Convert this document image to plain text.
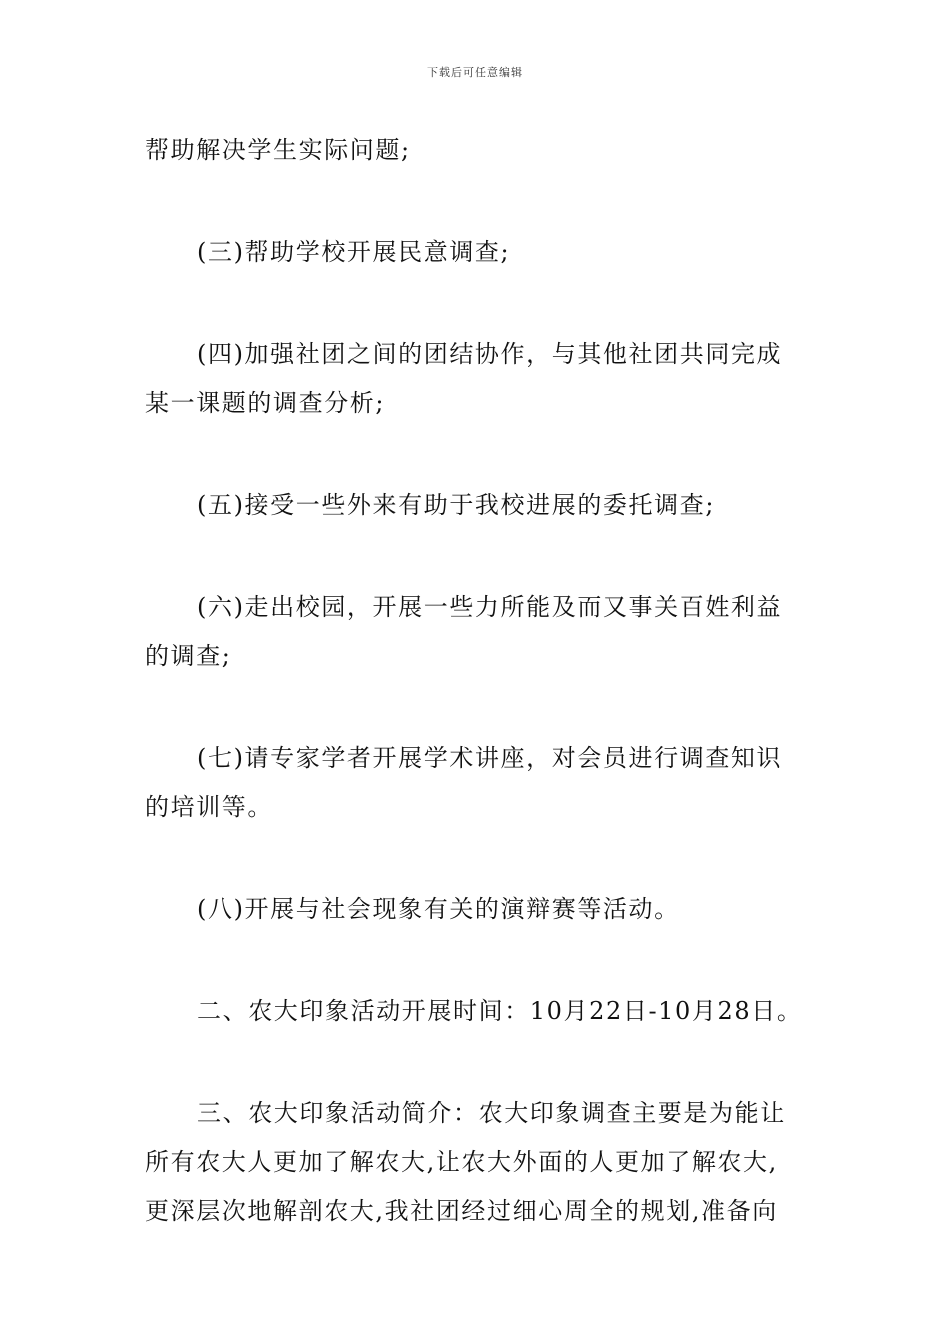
下载后可任意编辑

帮助解决学生实际问题;

(三)帮助学校开展民意调查;

(四)加强社团之间的团结协作，与其他社团共同完成
某一课题的调查分析;

(五)接受一些外来有助于我校进展的委托调查;

(六)走出校园，开展一些力所能及而又事关百姓利益
的调查;

(七)请专家学者开展学术讲座，对会员进行调查知识
的培训等。

(八)开展与社会现象有关的演辩赛等活动。

二、农大印象活动开展时间：10月22日-10月28日。

三、农大印象活动简介：农大印象调查主要是为能让
所有农大人更加了解农大,让农大外面的人更加了解农大,
更深层次地解剖农大,我社团经过细心周全的规划,准备向
